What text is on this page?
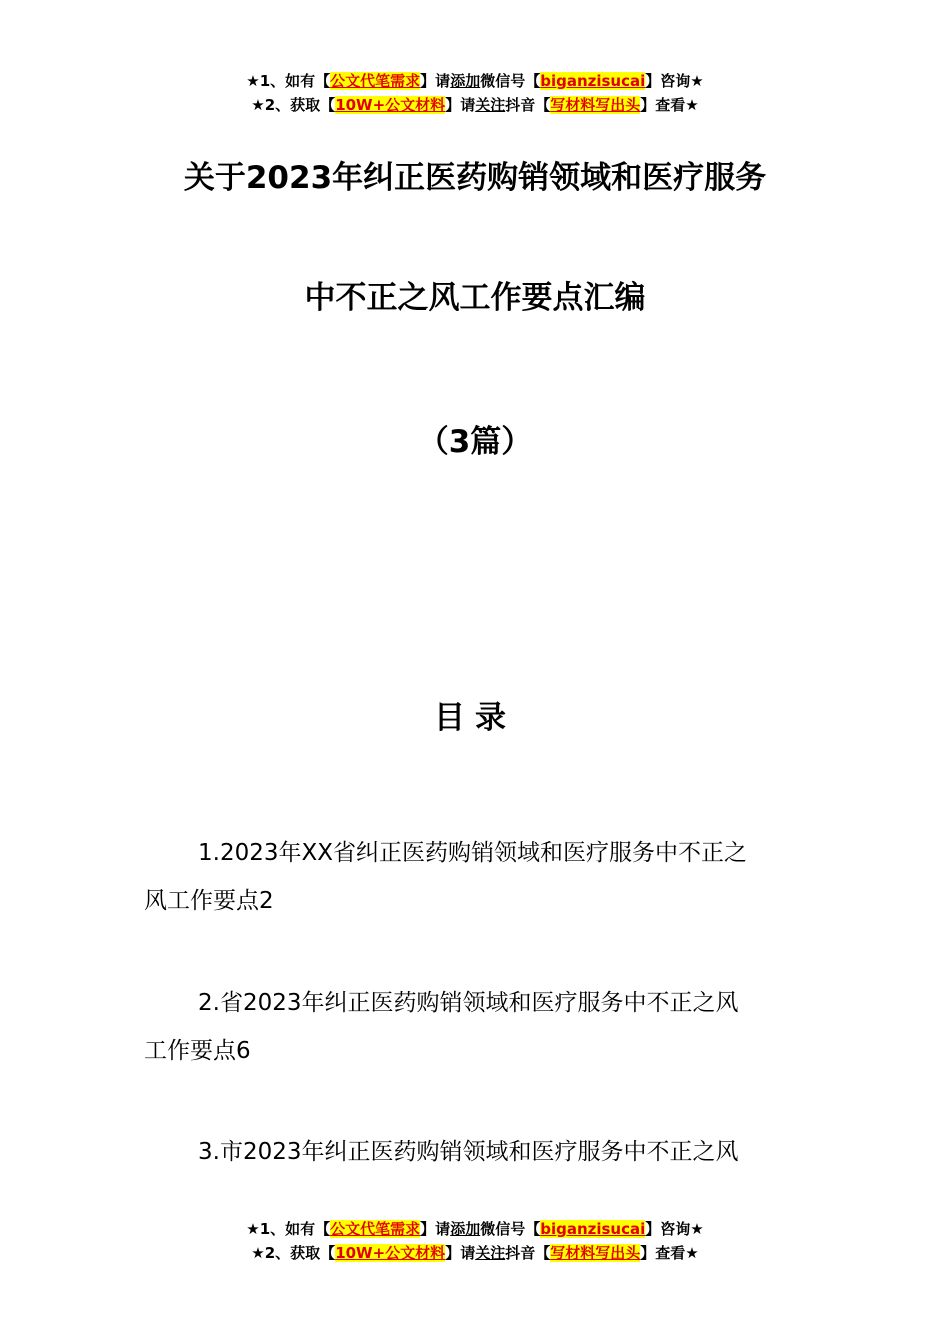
★1、如有【公文代笔需求】请添加微信号【biganzisucai】咨询★
★2、获取【10W+公文材料】请关注抖音【写材料写出头】查看★
关于2023年纠正医药购销领域和医疗服务
中不正之风工作要点汇编
（3篇）
目录
1.2023年XX省纠正医药购销领域和医疗服务中不正之
风工作要点2
2.省2023年纠正医药购销领域和医疗服务中不正之风
工作要点6
3.市2023年纠正医药购销领域和医疗服务中不正之风
★1、如有【公文代笔需求】请添加微信号【biganzisucai】咨询★
★2、获取【10W+公文材料】请关注抖音【写材料写出头】查看★
